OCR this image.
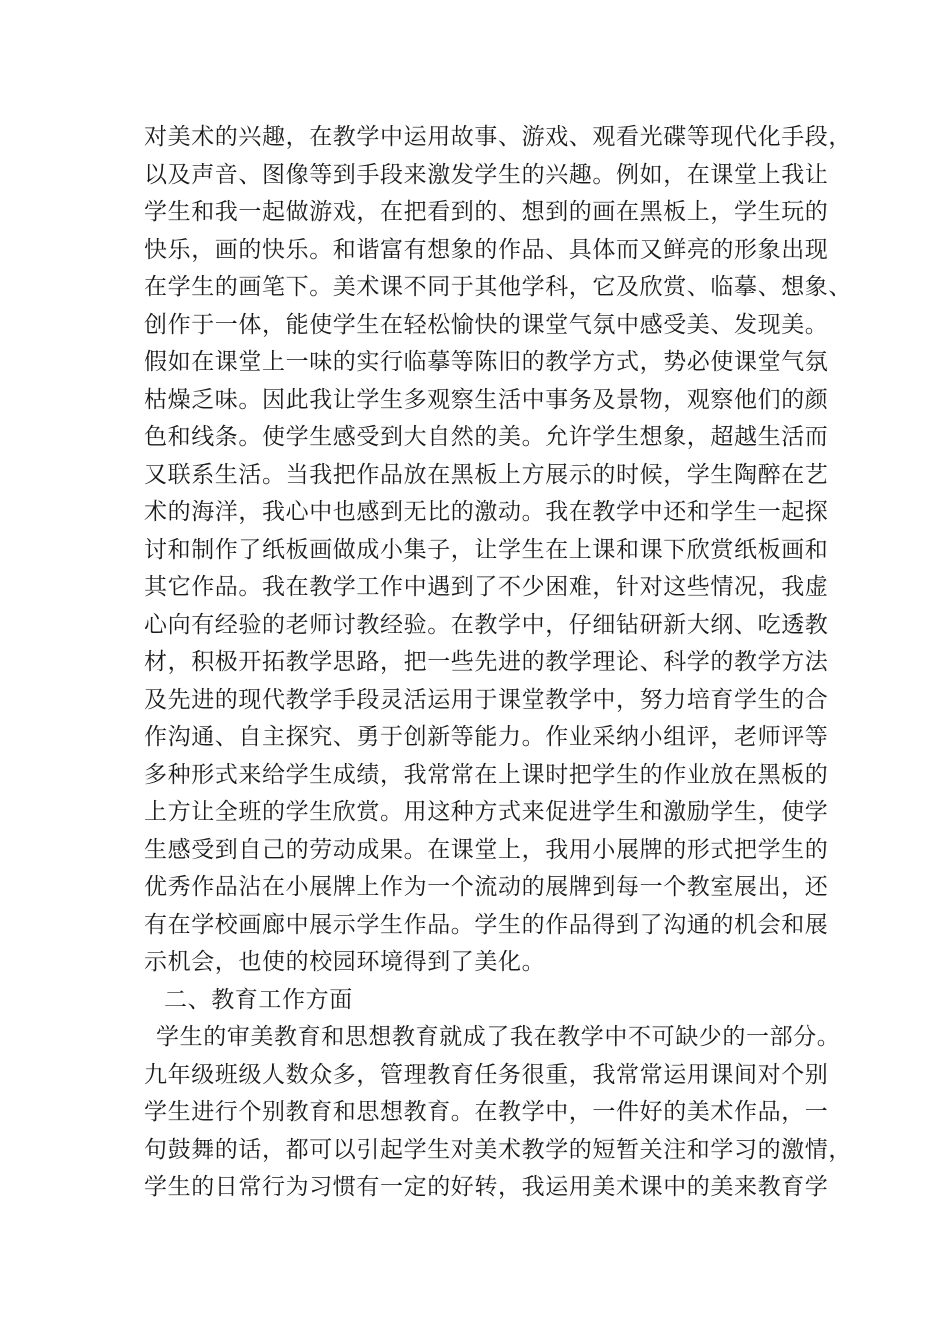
对美术的兴趣，在教学中运用故事、游戏、观看光碟等现代化手段，
以及声音、图像等到手段来激发学生的兴趣。例如，在课堂上我让
学生和我一起做游戏，在把看到的、想到的画在黑板上，学生玩的
快乐，画的快乐。和谐富有想象的作品、具体而又鲜亮的形象出现
在学生的画笔下。美术课不同于其他学科，它及欣赏、临摹、想象、
创作于一体，能使学生在轻松愉快的课堂气氛中感受美、发现美。
假如在课堂上一味的实行临摹等陈旧的教学方式，势必使课堂气氛
枯燥乏味。因此我让学生多观察生活中事务及景物，观察他们的颜
色和线条。使学生感受到大自然的美。允许学生想象，超越生活而
又联系生活。当我把作品放在黑板上方展示的时候，学生陶醉在艺
术的海洋，我心中也感到无比的激动。我在教学中还和学生一起探
讨和制作了纸板画做成小集子，让学生在上课和课下欣赏纸板画和
其它作品。我在教学工作中遇到了不少困难，针对这些情况，我虚
心向有经验的老师讨教经验。在教学中，仔细钻研新大纲、吃透教
材，积极开拓教学思路，把一些先进的教学理论、科学的教学方法
及先进的现代教学手段灵活运用于课堂教学中，努力培育学生的合
作沟通、自主探究、勇于创新等能力。作业采纳小组评，老师评等
多种形式来给学生成绩，我常常在上课时把学生的作业放在黑板的
上方让全班的学生欣赏。用这种方式来促进学生和激励学生，使学
生感受到自己的劳动成果。在课堂上，我用小展牌的形式把学生的
优秀作品沾在小展牌上作为一个流动的展牌到每一个教室展出，还
有在学校画廊中展示学生作品。学生的作品得到了沟通的机会和展
示机会，也使的校园环境得到了美化。
二、教育工作方面
学生的审美教育和思想教育就成了我在教学中不可缺少的一部分。
九年级班级人数众多，管理教育任务很重，我常常运用课间对个别
学生进行个别教育和思想教育。在教学中，一件好的美术作品，一
句鼓舞的话，都可以引起学生对美术教学的短暂关注和学习的激情，
学生的日常行为习惯有一定的好转，我运用美术课中的美来教育学
